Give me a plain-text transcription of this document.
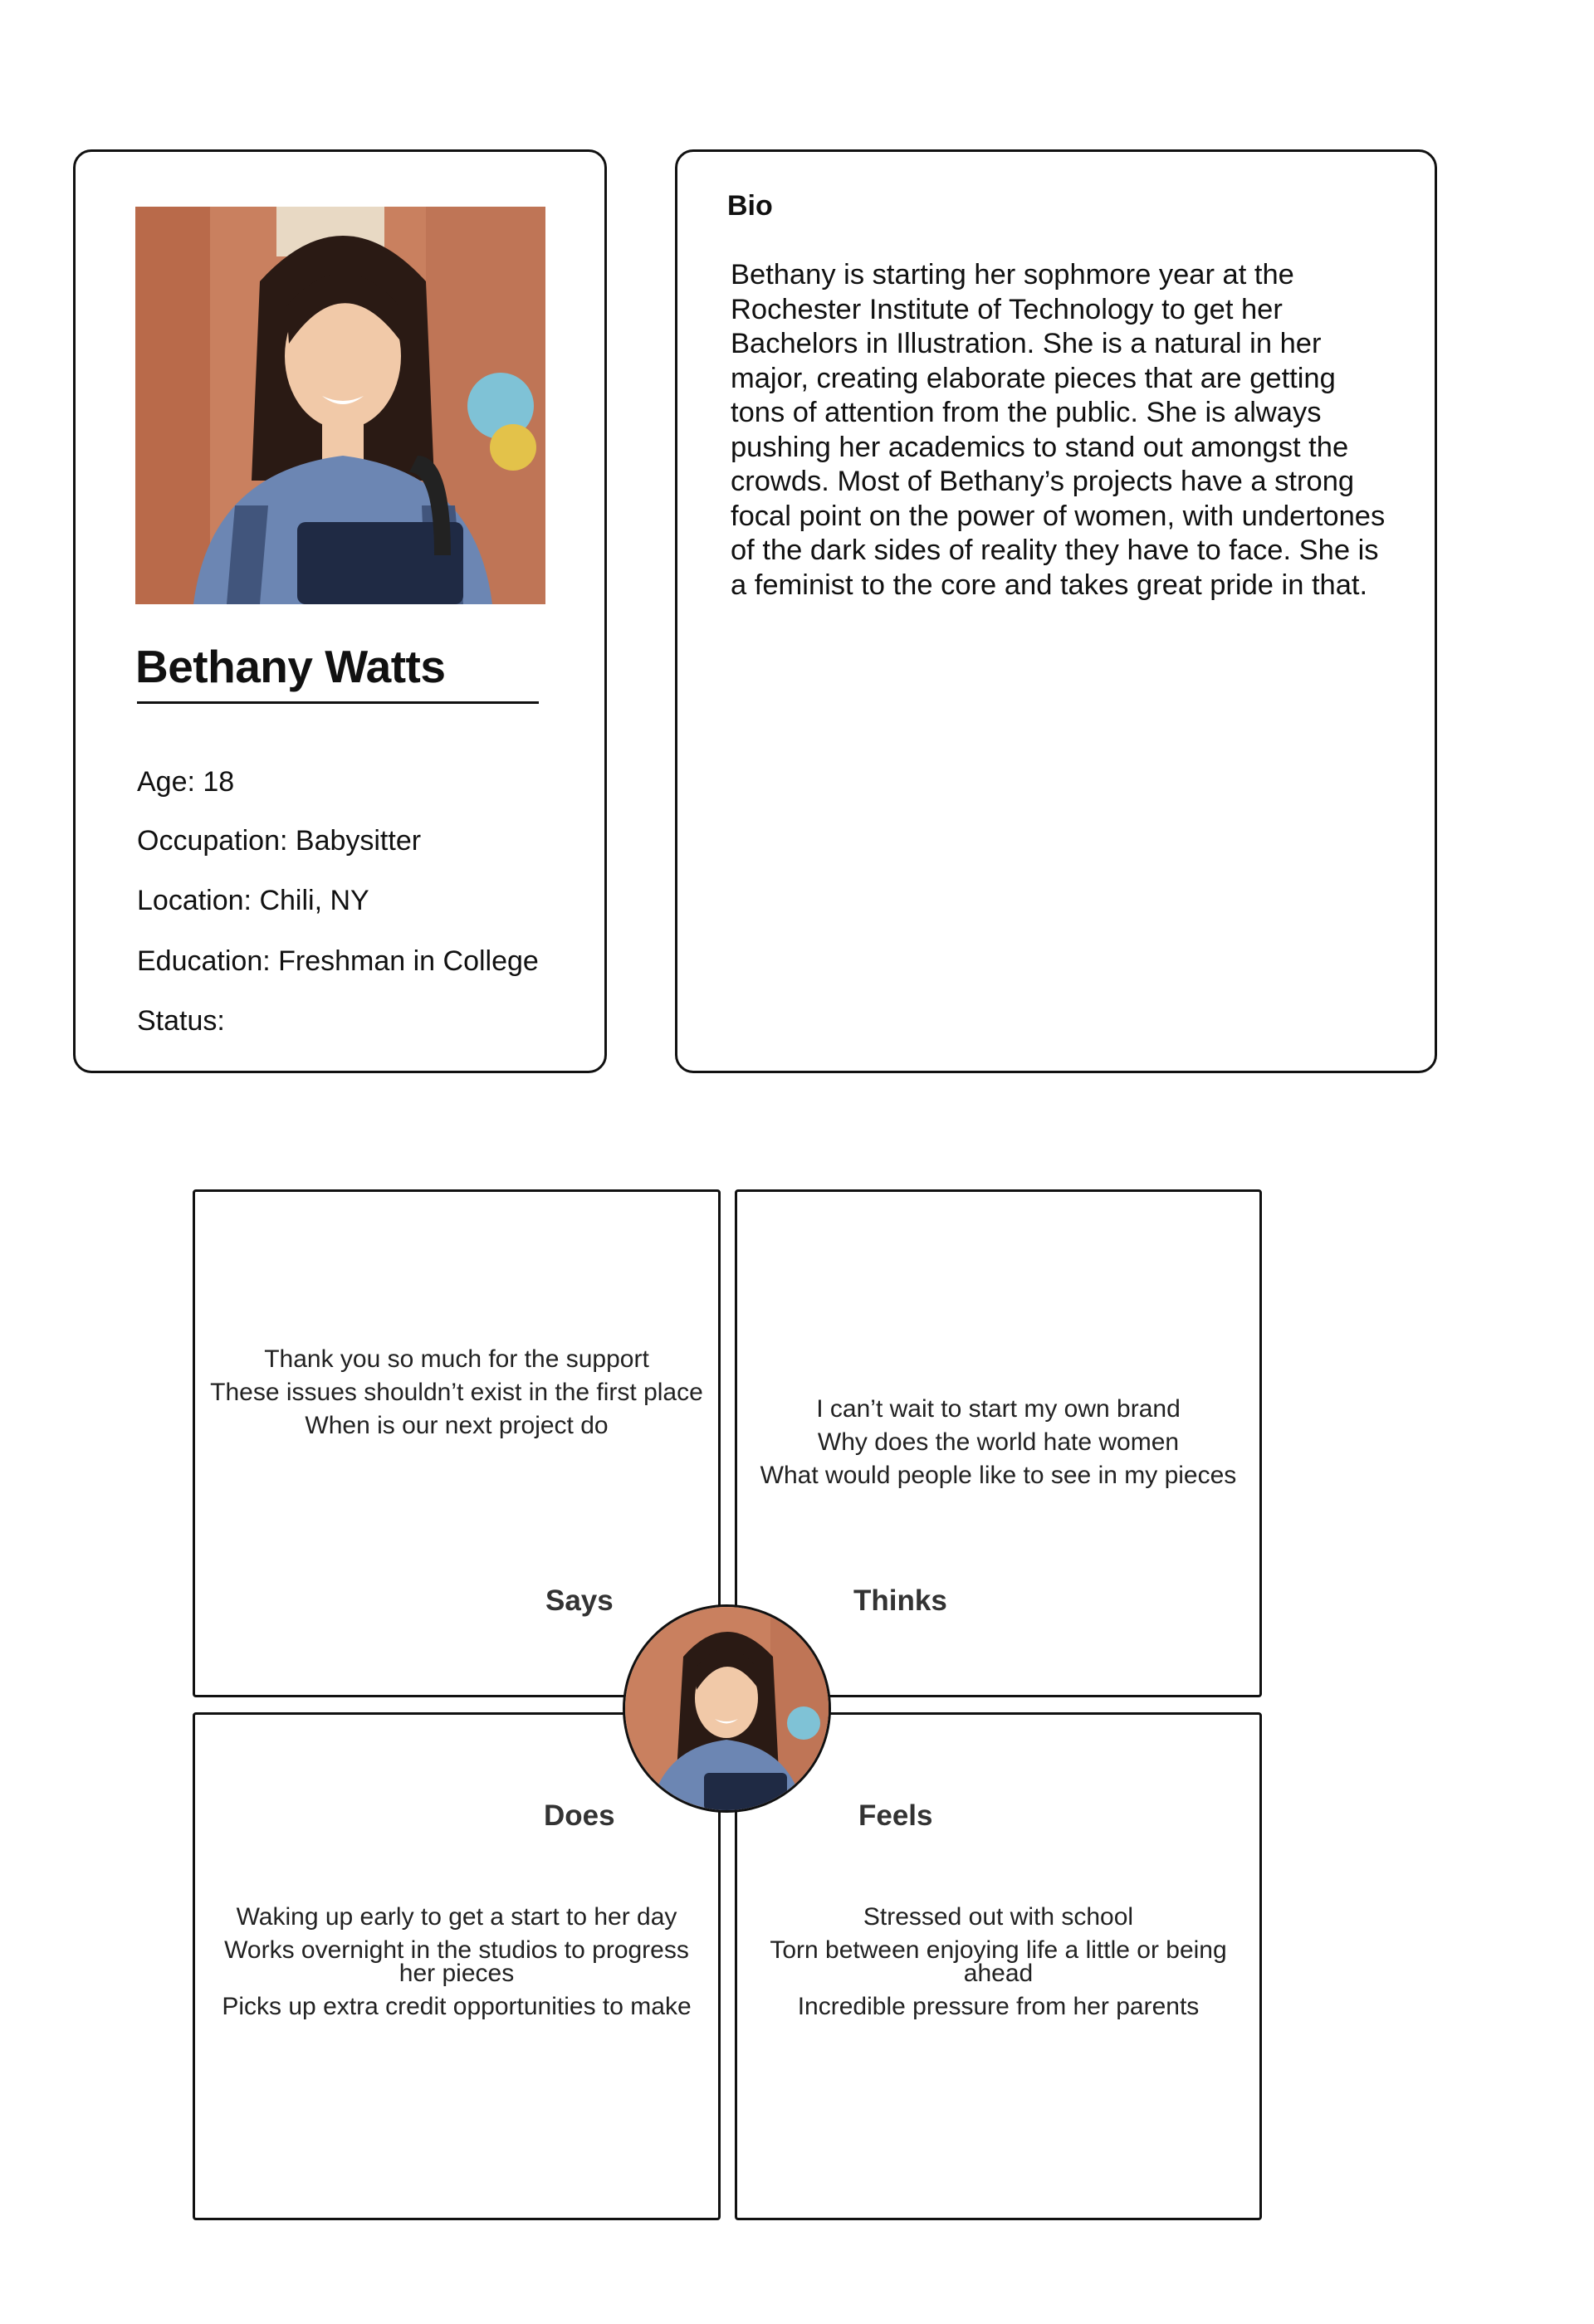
Bethany Watts

Age: 18

Occupation: Babysitter

Location: Chili, NY

Education: Freshman in College

Status:

Bio

Bethany is starting her sophmore year at the Rochester Institute of Technology to get her Bachelors in Illustration. She is a natural in her major, creating elaborate pieces that are getting tons of attention from the public. She is always pushing her academics to stand out amongst the crowds. Most of Bethany’s projects have a strong focal point on the power of women, with undertones of the dark sides of reality they have to face. She is a feminist to the core and takes great pride in that.

Thank you so much for the support

These issues shouldn’t exist in the first place

When is our next project do

Says

I can’t wait to start my own brand

Why does the world hate women

What would people like to see in my pieces

Thinks
Does

Waking up early to get a start to her day

Works overnight in the studios to progress her pieces

Picks up extra credit opportunities to make

Feels

Stressed out with school

Torn between enjoying life a little or being ahead

Incredible pressure from her parents
